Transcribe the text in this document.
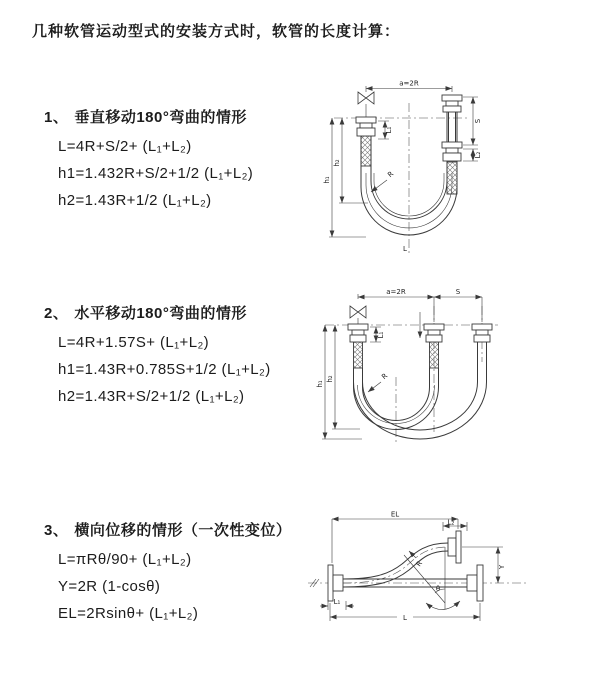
几种软管运动型式的安装方式时，软管的长度计算：
1、 垂直移动180°弯曲的情形
L=4R+S/2+ (L₁+L₂)
h1=1.432R+S/2+1/2 (L₁+L₂)
h2=1.43R+1/2 (L₁+L₂)
2、 水平移动180°弯曲的情形
L=4R+1.57S+ (L₁+L₂)
h1=1.43R+0.785S+1/2 (L₁+L₂)
h2=1.43R+S/2+1/2 (L₁+L₂)
3、 横向位移的情形（一次性变位）
L=πRθ/90+ (L₁+L₂)
Y=2R (1-cosθ)
EL=2Rsinθ+ (L₁+L₂)
a=2R
S
L₂
L₁
h₁
h₂
R
L
a=2R	S
h₁
h₂
L₁
R
EL
L₂
Y
L
L₁
θ
R
